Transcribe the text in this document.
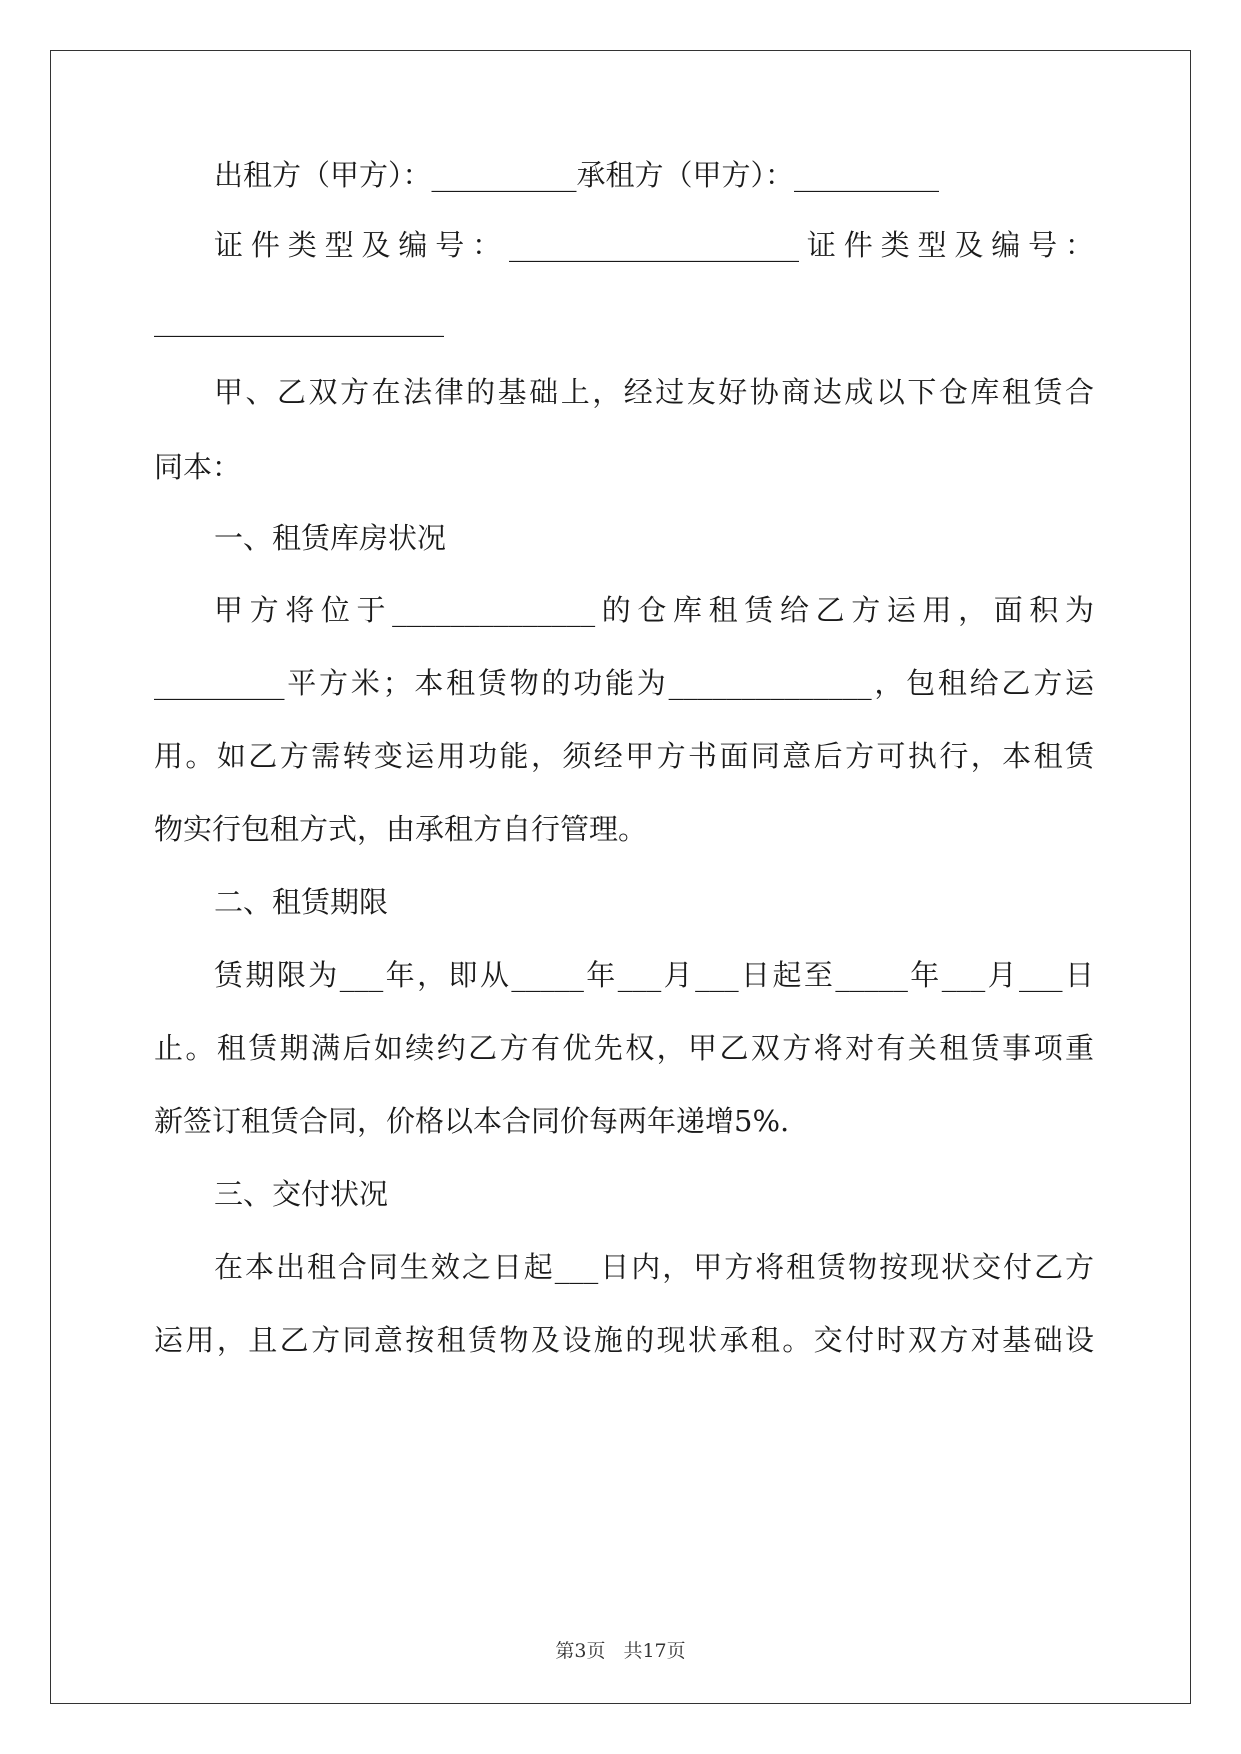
出租方（甲方）：__________承租方（甲方）：__________
证件类型及编号：____________________证件类型及编号：
____________________
甲、乙双方在法律的基础上，经过友好协商达成以下仓库租赁合
同本：
一、租赁库房状况
甲方将位于______________的仓库租赁给乙方运用，面积为
_________平方米；本租赁物的功能为______________，包租给乙方运
用。如乙方需转变运用功能，须经甲方书面同意后方可执行，本租赁
物实行包租方式，由承租方自行管理。
二、租赁期限
赁期限为___年，即从_____年___月___日起至_____年___月___日
止。租赁期满后如续约乙方有优先权，甲乙双方将对有关租赁事项重
新签订租赁合同，价格以本合同价每两年递增5%.
三、交付状况
在本出租合同生效之日起___日内，甲方将租赁物按现状交付乙方
运用，且乙方同意按租赁物及设施的现状承租。交付时双方对基础设
第3页 共17页
